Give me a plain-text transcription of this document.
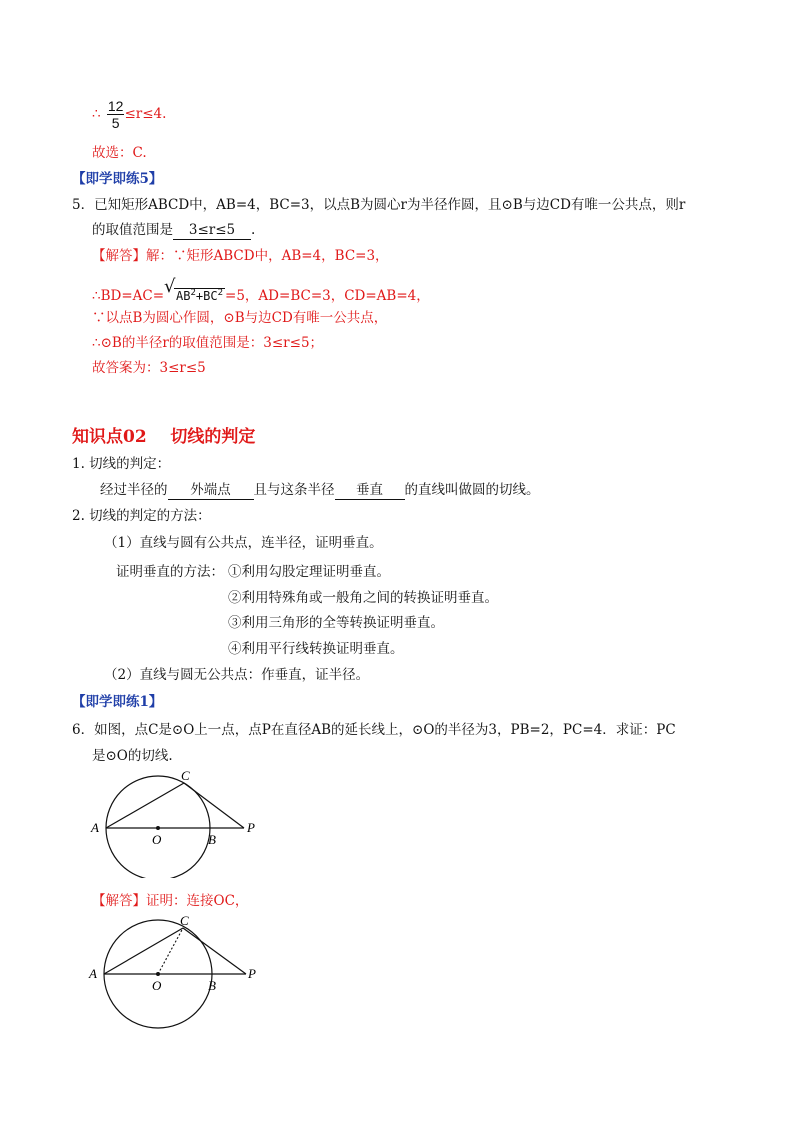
∴ $\frac{12}{5} \le r\le 4$.
故选：C.
【即学即练5】
5．已知矩形ABCD中，AB=4，BC=3，以点B为圆心r为半径作圆，且⊙B与边CD有唯一公共点，则r
的取值范围是 3≤r≤5 .
【解答】解：∵矩形ABCD中，AB=4，BC=3，
∴BD=AC= √ $AB^2+BC^2 =5$，AD=BC=3，CD=AB=4，
∵以点B为圆心作圆，⊙B与边CD有唯一公共点，
∴⊙B的半径r的取值范围是：3≤r≤5；
故答案为：3≤r≤5
知识点02    切线的判定
1. 切线的判定：
经过半径的 外端点 且与这条半径 垂直 的直线叫做圆的切线。
2. 切线的判定的方法：
（1）直线与圆有公共点，连半径，证明垂直。
证明垂直的方法： ①利用勾股定理证明垂直。
②利用特殊角或一般角之间的转换证明垂直。
③利用三角形的全等转换证明垂直。
④利用平行线转换证明垂直。
（2）直线与圆无公共点：作垂直，证半径。
【即学即练1】
6．如图，点C是⊙O上一点，点P在直径AB的延长线上，⊙O的半径为3，PB=2，PC=4．求证：PC
是⊙O的切线.
A
C
O	B
P
【解答】证明：连接OC，
A
C
O	B
P
